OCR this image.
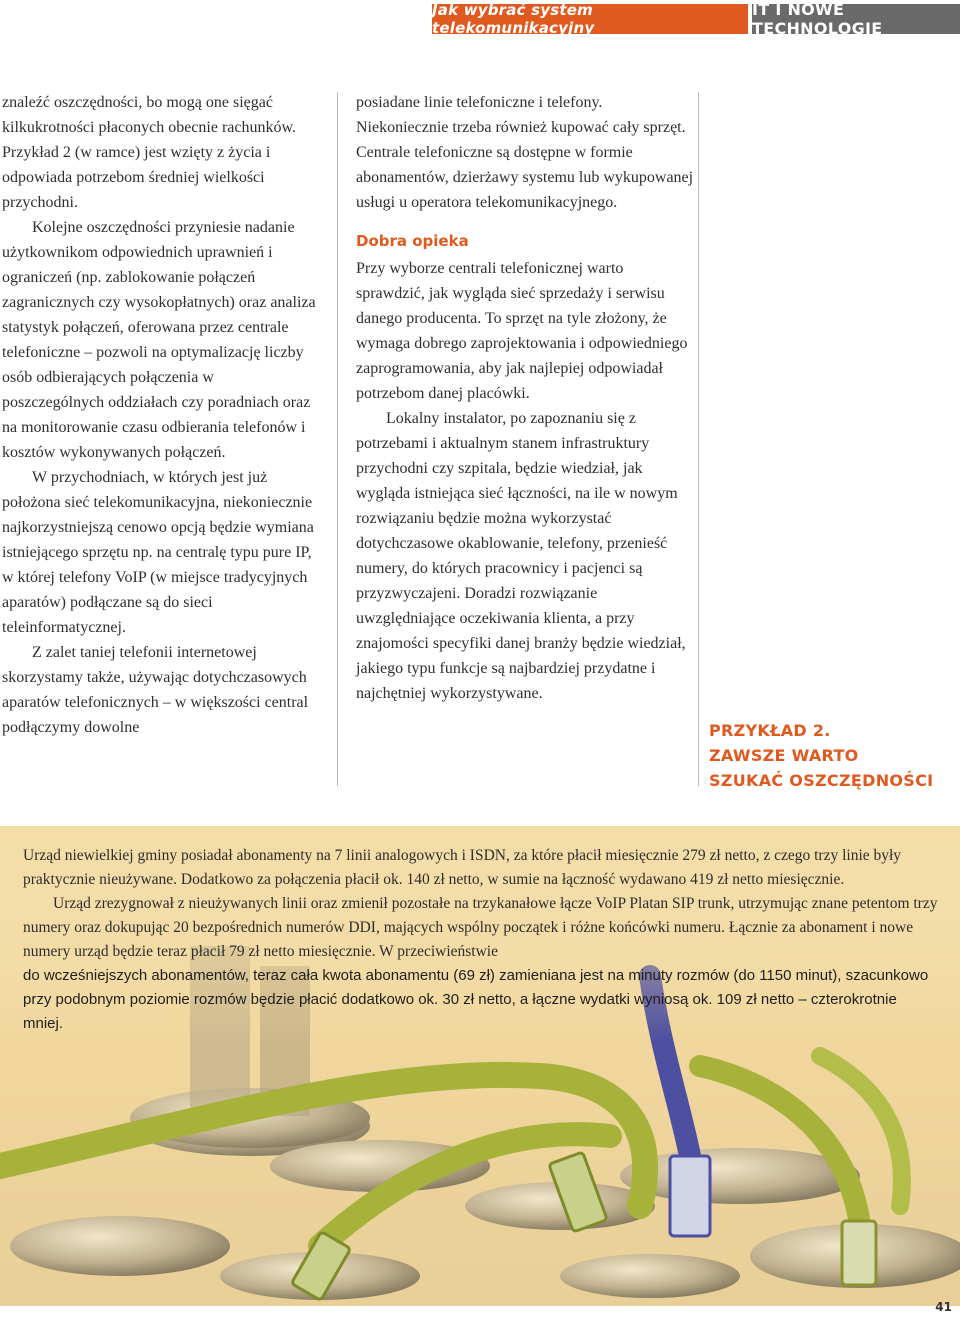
Jak wybrać system telekomunikacyjny
IT I NOWE TECHNOLOGIE

znaleźć oszczędności, bo mogą one sięgać kilkukrotności płaconych obecnie rachunków. Przykład 2 (w ramce) jest wzięty z życia i odpowiada potrzebom średniej wielkości przychodni.

Kolejne oszczędności przyniesie nadanie użytkownikom odpowiednich uprawnień i ograniczeń (np. zablokowanie połączeń zagranicznych czy wysokopłatnych) oraz analiza statystyk połączeń, oferowana przez centrale telefoniczne – pozwoli na optymalizację liczby osób odbierających połączenia w poszczególnych oddziałach czy poradniach oraz na monitorowanie czasu odbierania telefonów i kosztów wykonywanych połączeń.

W przychodniach, w których jest już położona sieć telekomunikacyjna, niekoniecznie najkorzystniejszą cenowo opcją będzie wymiana istniejącego sprzętu np. na centralę typu pure IP, w której telefony VoIP (w miejsce tradycyjnych aparatów) podłączane są do sieci teleinformatycznej.

Z zalet taniej telefonii internetowej skorzystamy także, używając dotychczasowych aparatów telefonicznych – w większości central podłączymy dowolne

posiadane linie telefoniczne i telefony. Niekoniecznie trzeba również kupować cały sprzęt. Centrale telefoniczne są dostępne w formie abonamentów, dzierżawy systemu lub wykupowanej usługi u operatora telekomunikacyjnego.

Dobra opieka

Przy wyborze centrali telefonicznej warto sprawdzić, jak wygląda sieć sprzedaży i serwisu danego producenta. To sprzęt na tyle złożony, że wymaga dobrego zaprojektowania i odpowiedniego zaprogramowania, aby jak najlepiej odpowiadał potrzebom danej placówki.

Lokalny instalator, po zapoznaniu się z potrzebami i aktualnym stanem infrastruktury przychodni czy szpitala, będzie wiedział, jak wygląda istniejąca sieć łączności, na ile w nowym rozwiązaniu będzie można wykorzystać dotychczasowe okablowanie, telefony, przenieść numery, do których pracownicy i pacjenci są przyzwyczajeni. Doradzi rozwiązanie uwzględniające oczekiwania klienta, a przy znajomości specyfiki danej branży będzie wiedział, jakiego typu funkcje są najbardziej przydatne i najchętniej wykorzystywane.

PRZYKŁAD 2.
ZAWSZE WARTO
SZUKAĆ OSZCZĘDNOŚCI

Urząd niewielkiej gminy posiadał abonamenty na 7 linii analogowych i ISDN, za które płacił miesięcznie 279 zł netto, z czego trzy linie były praktycznie nieużywane. Dodatkowo za połączenia płacił ok. 140 zł netto, w sumie na łączność wydawano 419 zł netto miesięcznie.

Urząd zrezygnował z nieużywanych linii oraz zmienił pozostałe na trzykanałowe łącze VoIP Platan SIP trunk, utrzymując znane petentom trzy numery oraz dokupując 20 bezpośrednich numerów DDI, mających wspólny początek i różne końcówki numeru. Łącznie za abonament i nowe numery urząd będzie teraz płacił 79 zł netto miesięcznie. W przeciwieństwie

do wcześniejszych abonamentów, teraz cała kwota abonamentu (69 zł) zamieniana jest na minuty rozmów (do 1150 minut), szacunkowo przy podobnym poziomie rozmów będzie płacić dodatkowo ok. 30 zł netto, a łączne wydatki wyniosą ok. 109 zł netto – czterokrotnie mniej.

41
